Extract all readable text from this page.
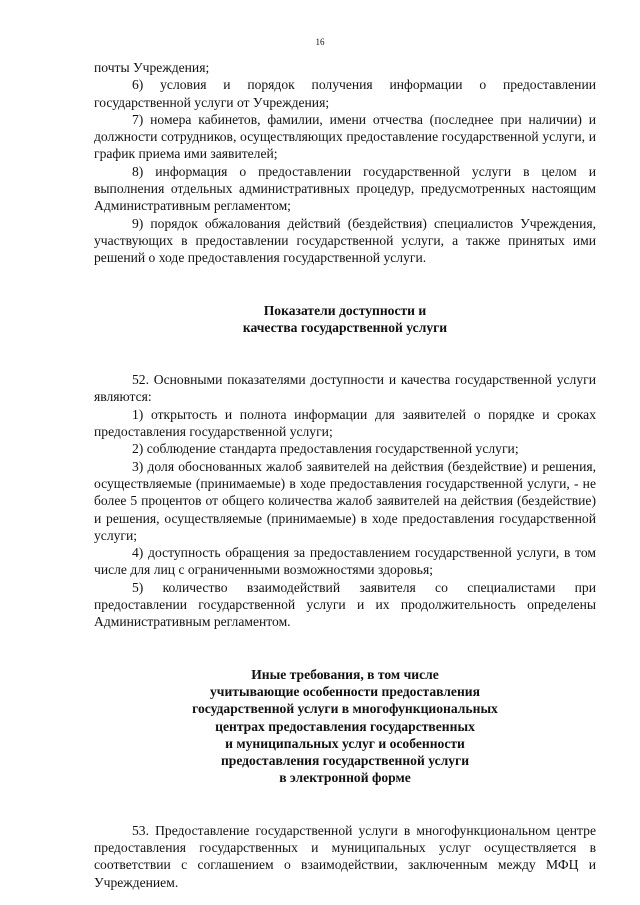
16

почты Учреждения;

6) условия и порядок получения информации о предоставлении государственной услуги от Учреждения;

7) номера кабинетов, фамилии, имени отчества (последнее при наличии) и должности сотрудников, осуществляющих предоставление государственной услуги, и график приема ими заявителей;

8) информация о предоставлении государственной услуги в целом и выполнения отдельных административных процедур, предусмотренных настоящим Административным регламентом;

9) порядок обжалования действий (бездействия) специалистов Учреждения, участвующих в предоставлении государственной услуги, а также принятых ими решений о ходе предоставления государственной услуги.

Показатели доступности и
качества государственной услуги

52. Основными показателями доступности и качества государственной услуги являются:

1) открытость и полнота информации для заявителей о порядке и сроках предоставления государственной услуги;

2) соблюдение стандарта предоставления государственной услуги;

3) доля обоснованных жалоб заявителей на действия (бездействие) и решения, осуществляемые (принимаемые) в ходе предоставления государственной услуги, - не более 5 процентов от общего количества жалоб заявителей на действия (бездействие) и решения, осуществляемые (принимаемые) в ходе предоставления государственной услуги;

4) доступность обращения за предоставлением государственной услуги, в том числе для лиц с ограниченными возможностями здоровья;

5) количество взаимодействий заявителя со специалистами при предоставлении государственной услуги и их продолжительность определены Административным регламентом.

Иные требования, в том числе
учитывающие особенности предоставления
государственной услуги в многофункциональных
центрах предоставления государственных
и муниципальных услуг и особенности
предоставления государственной услуги
в электронной форме

53. Предоставление государственной услуги в многофункциональном центре предоставления государственных и муниципальных услуг осуществляется в соответствии с соглашением о взаимодействии, заключенным между МФЦ и Учреждением.
